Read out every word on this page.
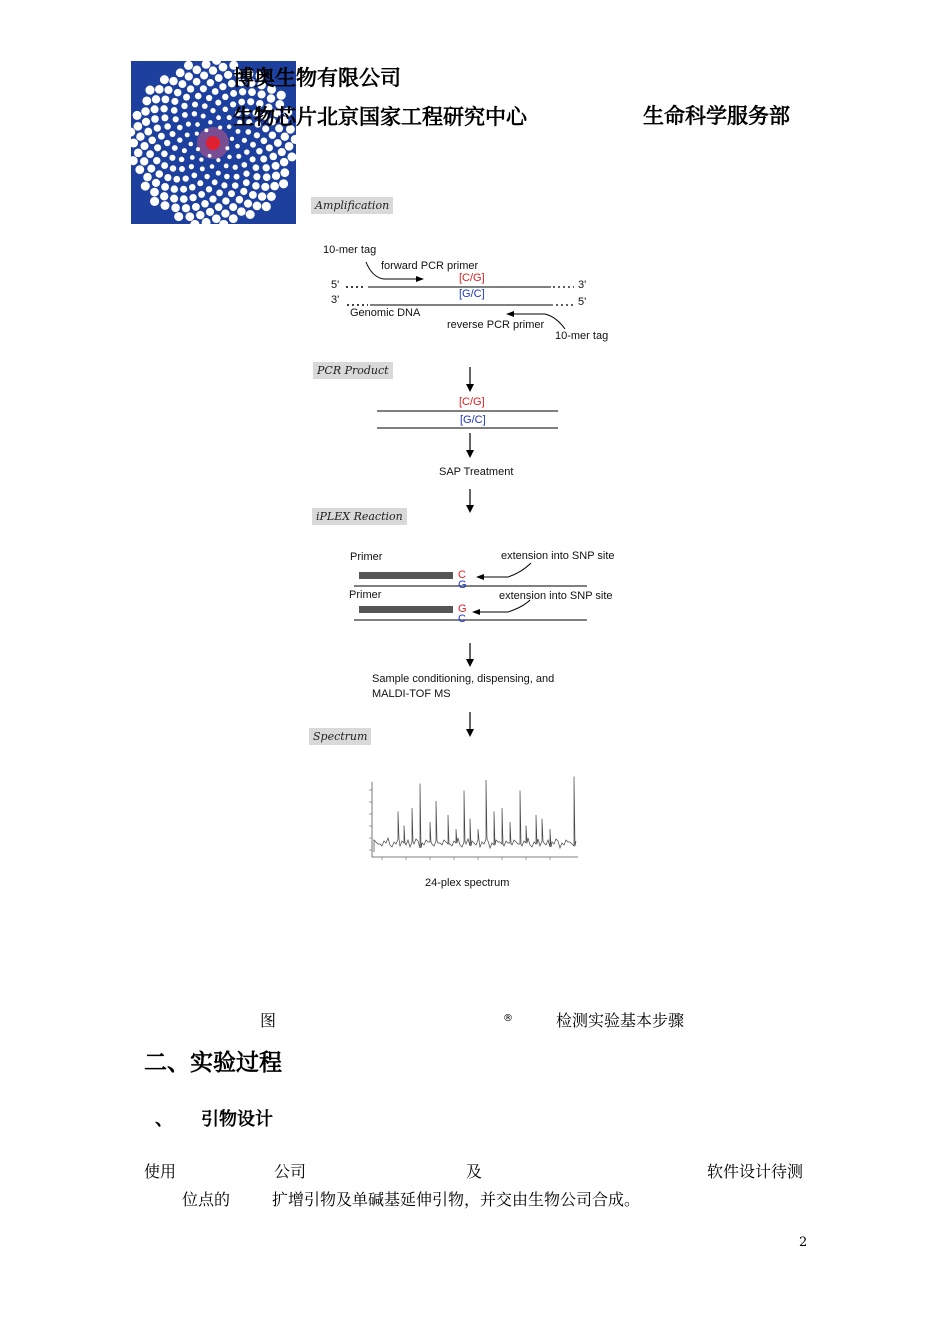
博奥生物有限公司
生物芯片北京国家工程研究中心	生命科学服务部
Amplification
PCR Product
iPLEX Reaction
Spectrum
10-mer tag
forward PCR primer
[C/G]
5'	3'
[G/C]
3'	5'
Genomic DNA
reverse PCR primer
10-mer tag
[C/G]
[G/C]
SAP Treatment
Primer	extension into SNP site
C
G
Primer	extension into SNP site
G
C
Sample conditioning, dispensing, and
MALDI-TOF MS
24-plex spectrum
图	®	检测实验基本步骤
二、实验过程
、 引物设计
使用	公司	及	软件设计待测
位点的	扩增引物及单碱基延伸引物，并交由生物公司合成。
2
